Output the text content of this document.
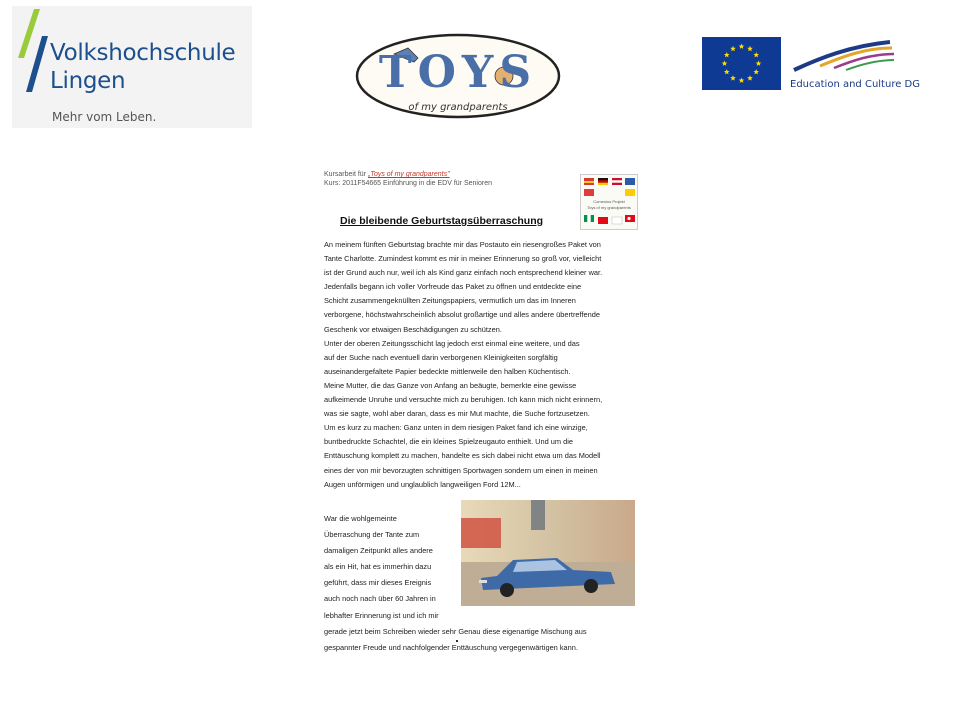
Volkshochschule
Lingen
Mehr vom Leben.
TOYS
of my grandparents
Education and Culture DG
Kursarbeit für „Toys of my grandparents"
Kurs: 2011F54665 Einführung in die EDV für Senioren
Comenius Projekt
Toys of my grandparents
Die bleibende Geburtstagsüberraschung
An meinem fünften Geburtstag brachte mir das Postauto ein riesengroßes Paket von
Tante Charlotte. Zumindest kommt es mir in meiner Erinnerung so groß vor, vielleicht
ist der Grund auch nur, weil ich als Kind ganz einfach noch entsprechend kleiner war.
Jedenfalls begann ich voller Vorfreude das Paket zu öffnen und entdeckte eine
Schicht zusammengeknüllten Zeitungspapiers, vermutlich um das im Inneren
verborgene, höchstwahrscheinlich absolut großartige und alles andere übertreffende
Geschenk vor etwaigen Beschädigungen zu schützen.
Unter der oberen Zeitungsschicht lag jedoch erst einmal eine weitere, und das
auf der Suche nach eventuell darin verborgenen Kleinigkeiten sorgfältig
auseinandergefaltete Papier bedeckte mittlerweile den halben Küchentisch.
Meine Mutter, die das Ganze von Anfang an beäugte, bemerkte eine gewisse
aufkeimende Unruhe und versuchte mich zu beruhigen. Ich kann mich nicht erinnern,
was sie sagte, wohl aber daran, dass es mir Mut machte, die Suche fortzusetzen.
Um es kurz zu machen: Ganz unten in dem riesigen Paket fand ich eine winzige,
buntbedruckte Schachtel, die ein kleines Spielzeugauto enthielt. Und um die
Enttäuschung komplett zu machen, handelte es sich dabei nicht etwa um das Modell
eines der von mir bevorzugten schnittigen Sportwagen sondern um einen in meinen
Augen unförmigen und unglaublich langweiligen Ford 12M...
War die wohlgemeinte
Überraschung der Tante zum
damaligen Zeitpunkt alles andere
als ein Hit, hat es immerhin dazu
geführt, dass mir dieses Ereignis
auch noch nach über 60 Jahren in
lebhafter Erinnerung ist und ich mir
gerade jetzt beim Schreiben wieder sehr Genau diese eigenartige Mischung aus
gespannter Freude und nachfolgender Enttäuschung vergegenwärtigen kann.
